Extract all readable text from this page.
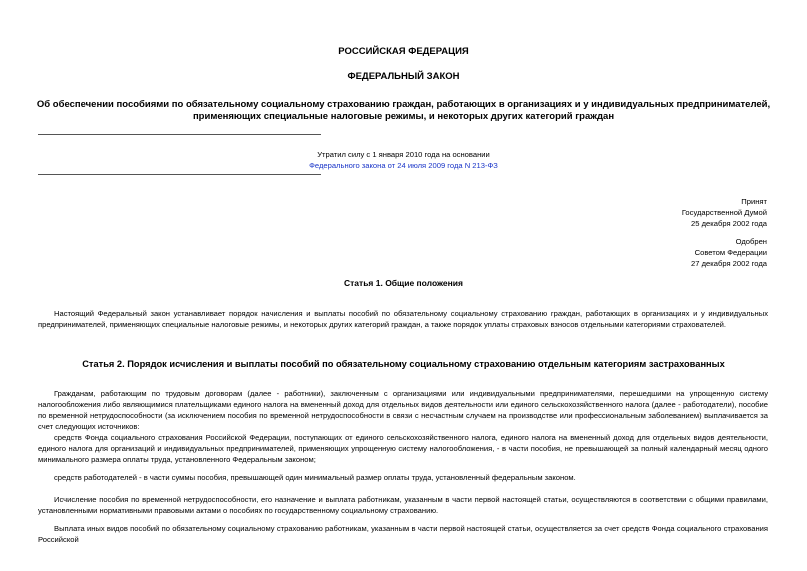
РОССИЙСКАЯ ФЕДЕРАЦИЯ
ФЕДЕРАЛЬНЫЙ ЗАКОН
Об обеспечении пособиями по обязательному социальному страхованию граждан, работающих в организациях и у индивидуальных предпринимателей,
применяющих специальные налоговые режимы, и некоторых других категорий граждан
Утратил силу с 1 января 2010 года на основании
Федерального закона от 24 июля 2009 года N 213-ФЗ
Принят
Государственной Думой
25 декабря 2002 года
Одобрен
Советом Федерации
27 декабря 2002 года
Статья 1. Общие положения
Настоящий Федеральный закон устанавливает порядок начисления и выплаты пособий по обязательному социальному страхованию граждан, работающих в организациях и у индивидуальных предпринимателей, применяющих специальные налоговые режимы, и некоторых других категорий граждан, а также порядок уплаты страховых взносов отдельными категориями страхователей.
Статья 2. Порядок исчисления и выплаты пособий по обязательному социальному страхованию отдельным категориям застрахованных
Гражданам, работающим по трудовым договорам (далее - работники), заключенным с организациями или индивидуальными предпринимателями, перешедшими на упрощенную систему налогообложения либо являющимися плательщиками единого налога на вмененный доход для отдельных видов деятельности или единого сельскохозяйственного налога (далее - работодатели), пособие по временной нетрудоспособности (за исключением пособия по временной нетрудоспособности в связи с несчастным случаем на производстве или профессиональным заболеванием) выплачивается за счет следующих источников:
средств Фонда социального страхования Российской Федерации, поступающих от единого сельскохозяйственного налога, единого налога на вмененный доход для отдельных видов деятельности, единого налога для организаций и индивидуальных предпринимателей, применяющих упрощенную систему налогообложения, - в части пособия, не превышающей за полный календарный месяц одного минимального размера оплаты труда, установленного Федеральным законом;
средств работодателей - в части суммы пособия, превышающей один минимальный размер оплаты труда, установленный федеральным законом.
Исчисление пособия по временной нетрудоспособности, его назначение и выплата работникам, указанным в части первой настоящей статьи, осуществляются в соответствии с общими правилами, установленными нормативными правовыми актами о пособиях по государственному социальному страхованию.
Выплата иных видов пособий по обязательному социальному страхованию работникам, указанным в части первой настоящей статьи, осуществляется за счет средств Фонда социального страхования Российской
